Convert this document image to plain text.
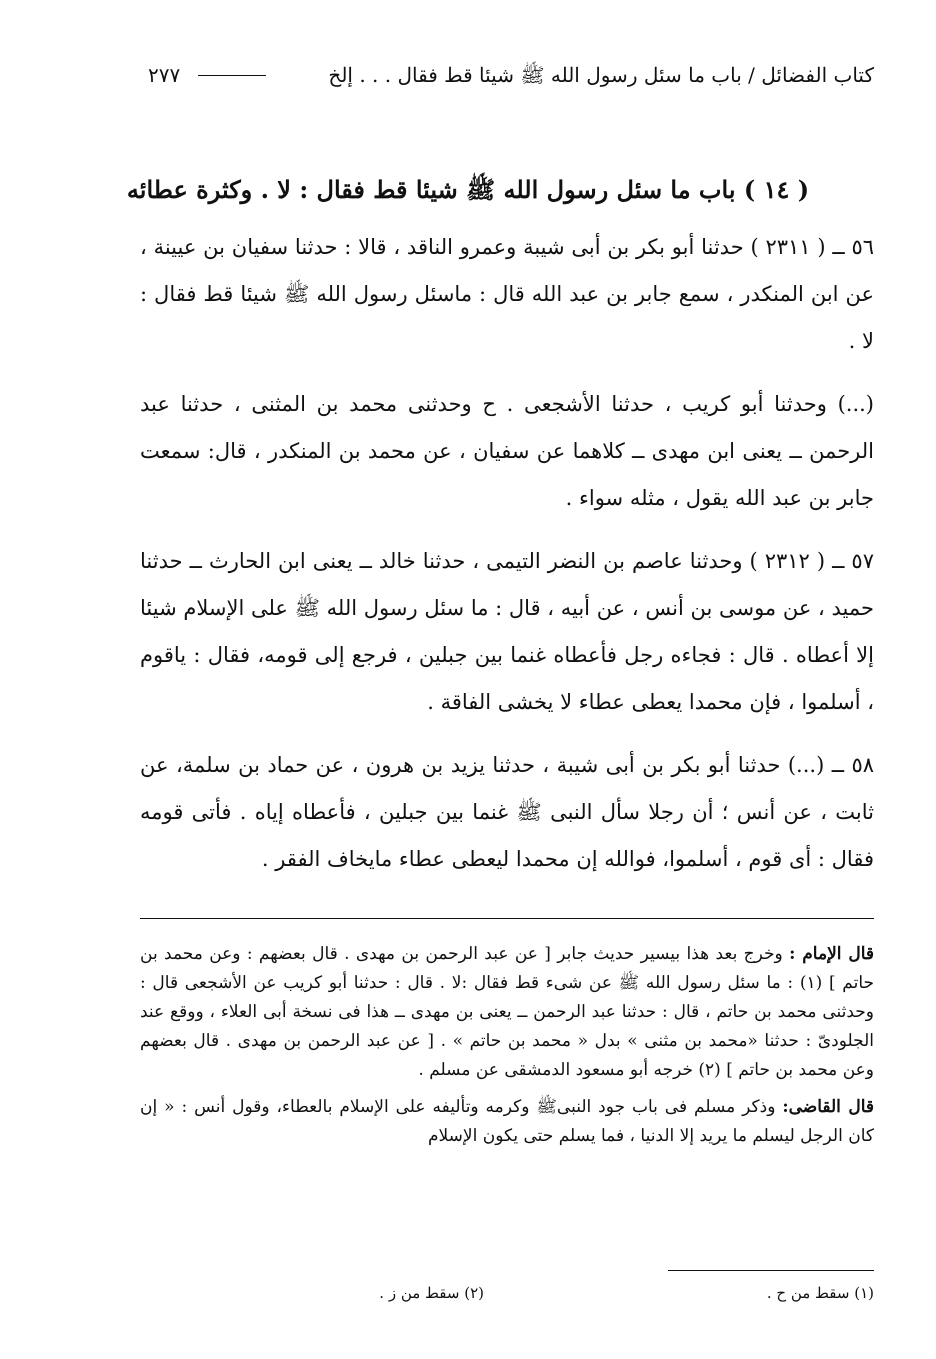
كتاب الفضائل / باب ما سئل رسول الله ﷺ شيئا قط فقال . . . إلخ
٢٧٧
( ١٤ ) باب ما سئل رسول الله ﷺ شيئا قط فقال : لا . وكثرة عطائه

٥٦ ــ ( ٢٣١١ ) حدثنا أبو بكر بن أبى شيبة وعمرو الناقد ، قالا : حدثنا سفيان بن عيينة ، عن ابن المنكدر ، سمع جابر بن عبد الله قال : ماسئل رسول الله ﷺ شيئا قط فقال : لا .

(...) وحدثنا أبو كريب ، حدثنا الأشجعى . ح وحدثنى محمد بن المثنى ، حدثنا عبد الرحمن ــ يعنى ابن مهدى ــ كلاهما عن سفيان ، عن محمد بن المنكدر ، قال: سمعت جابر بن عبد الله يقول ، مثله سواء .

٥٧ ــ ( ٢٣١٢ ) وحدثنا عاصم بن النضر التيمى ، حدثنا خالد ــ يعنى ابن الحارث ــ حدثنا حميد ، عن موسى بن أنس ، عن أبيه ، قال : ما سئل رسول الله ﷺ على الإسلام شيئا إلا أعطاه . قال : فجاءه رجل فأعطاه غنما بين جبلين ، فرجع إلى قومه، فقال : ياقوم ، أسلموا ، فإن محمدا يعطى عطاء لا يخشى الفاقة .

٥٨ ــ (...) حدثنا أبو بكر بن أبى شيبة ، حدثنا يزيد بن هرون ، عن حماد بن سلمة، عن ثابت ، عن أنس ؛ أن رجلا سأل النبى ﷺ غنما بين جبلين ، فأعطاه إياه . فأتى قومه فقال : أى قوم ، أسلموا، فوالله إن محمدا ليعطى عطاء مايخاف الفقر .

قال الإمام : وخرج بعد هذا بيسير حديث جابر [ عن عبد الرحمن بن مهدى . قال بعضهم : وعن محمد بن حاتم ] (١) : ما سئل رسول الله ﷺ عن شىء قط فقال :لا . قال : حدثنا أبو كريب عن الأشجعى قال : وحدثنى محمد بن حاتم ، قال : حدثنا عبد الرحمن ــ يعنى بن مهدى ــ هذا فى نسخة أبى العلاء ، ووقع عند الجلودىّ : حدثنا «محمد بن مثنى » بدل « محمد بن حاتم » . [ عن عبد الرحمن بن مهدى . قال بعضهم وعن محمد بن حاتم ] (٢) خرجه أبو مسعود الدمشقى عن مسلم .

قال القاضى: وذكر مسلم فى باب جود النبىﷺ وكرمه وتأليفه على الإسلام بالعطاء، وقول أنس : « إن كان الرجل ليسلم ما يريد إلا الدنيا ، فما يسلم حتى يكون الإسلام

(١) سقط من ح .
(٢) سقط من ز .
